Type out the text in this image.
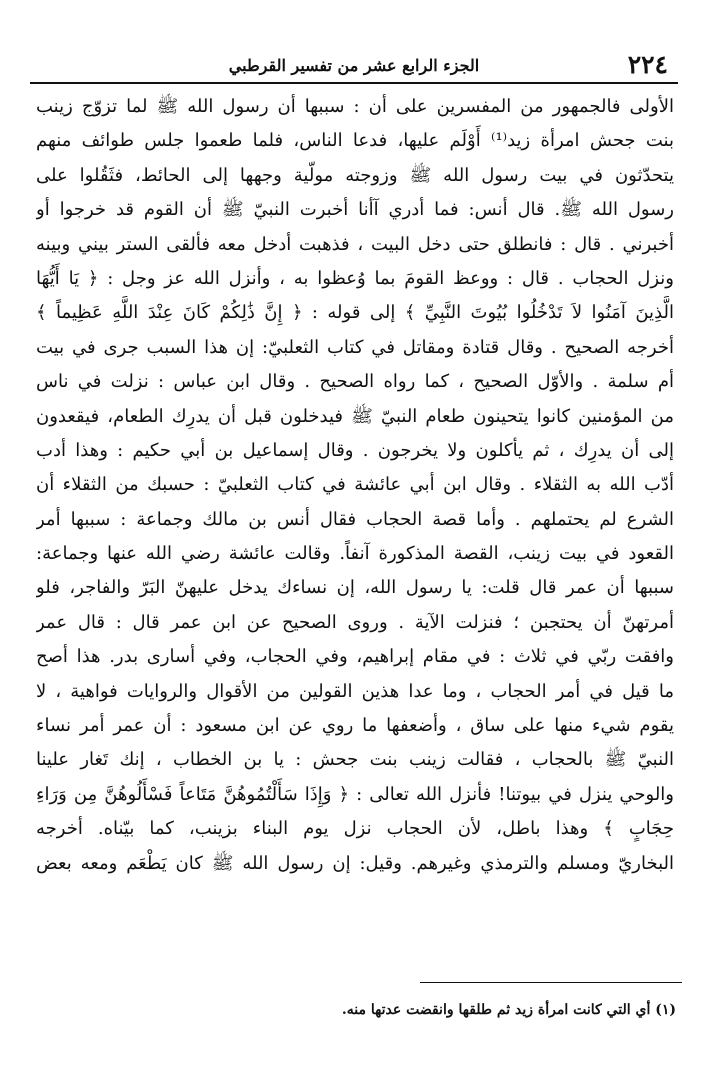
٢٢٤
الجزء الرابع عشر من تفسير القرطبي
الأولى فالجمهور من المفسرين على أن : سببها أن رسول الله ﷺ لما تزوّج زينب
بنت جحش امرأة زيد⁽¹⁾ أَوْلَم عليها، فدعا الناس، فلما طعموا جلس طوائف منهم
يتحدّثون في بيت رسول الله ﷺ وزوجته مولّية وجهها إلى الحائط، فثَقُلوا على
رسول الله ﷺ. قال أنس: فما أدري آأنا أخبرت النبيّ ﷺ أن القوم قد خرجوا أو
أخبرني . قال : فانطلق حتى دخل البيت ، فذهبت أدخل معه فألقى الستر بيني وبينه
ونزل الحجاب . قال : ووعظ القومَ بما وُعظوا به ، وأنزل الله عز وجل : ﴿ يَا أَيُّهَا
الَّذِينَ آمَنُوا لاَ تَدْخُلُوا بُيُوتَ النَّبِيِّ ﴾ إلى قوله : ﴿ إِنَّ ذَٰلِكُمْ كَانَ عِنْدَ اللَّهِ عَظِيماً ﴾
أخرجه الصحيح . وقال قتادة ومقاتل في كتاب الثعلبيّ: إن هذا السبب جرى في بيت
أم سلمة . والأوّل الصحيح ، كما رواه الصحيح . وقال ابن عباس : نزلت في ناس
من المؤمنين كانوا يتحينون طعام النبيّ ﷺ فيدخلون قبل أن يدرِك الطعام، فيقعدون
إلى أن يدرِك ، ثم يأكلون ولا يخرجون . وقال إسماعيل بن أبي حكيم : وهذا أدب
أدّب الله به الثقلاء . وقال ابن أبي عائشة في كتاب الثعلبيّ : حسبك من الثقلاء أن
الشرع لم يحتملهم . وأما قصة الحجاب فقال أنس بن مالك وجماعة : سببها أمر
القعود في بيت زينب، القصة المذكورة آنفاً. وقالت عائشة رضي الله عنها وجماعة:
سببها أن عمر قال قلت: يا رسول الله، إن نساءك يدخل عليهنّ البَرّ والفاجر، فلو
أمرتهنّ أن يحتجبن ؛ فنزلت الآية . وروى الصحيح عن ابن عمر قال : قال عمر
وافقت ربّي في ثلاث : في مقام إبراهيم، وفي الحجاب، وفي أسارى بدر. هذا أصح
ما قيل في أمر الحجاب ، وما عدا هذين القولين من الأقوال والروايات فواهية ، لا
يقوم شيء منها على ساق ، وأضعفها ما روي عن ابن مسعود : أن عمر أمر نساء
النبيّ ﷺ بالحجاب ، فقالت زينب بنت جحش : يا بن الخطاب ، إنك تَغار علينا
والوحي ينزل في بيوتنا! فأنزل الله تعالى : ﴿ وَإِذَا سَأَلْتُمُوهُنَّ مَتَاعاً فَسْأَلُوهُنَّ مِن وَرَاءِ
حِجَابٍ ﴾ وهذا باطل، لأن الحجاب نزل يوم البناء بزينب، كما بيّناه. أخرجه
البخاريّ ومسلم والترمذي وغيرهم. وقيل: إن رسول الله ﷺ كان يَطْعَم ومعه بعض
(١) أي التي كانت امرأة زيد ثم طلقها وانقضت عدتها منه.
